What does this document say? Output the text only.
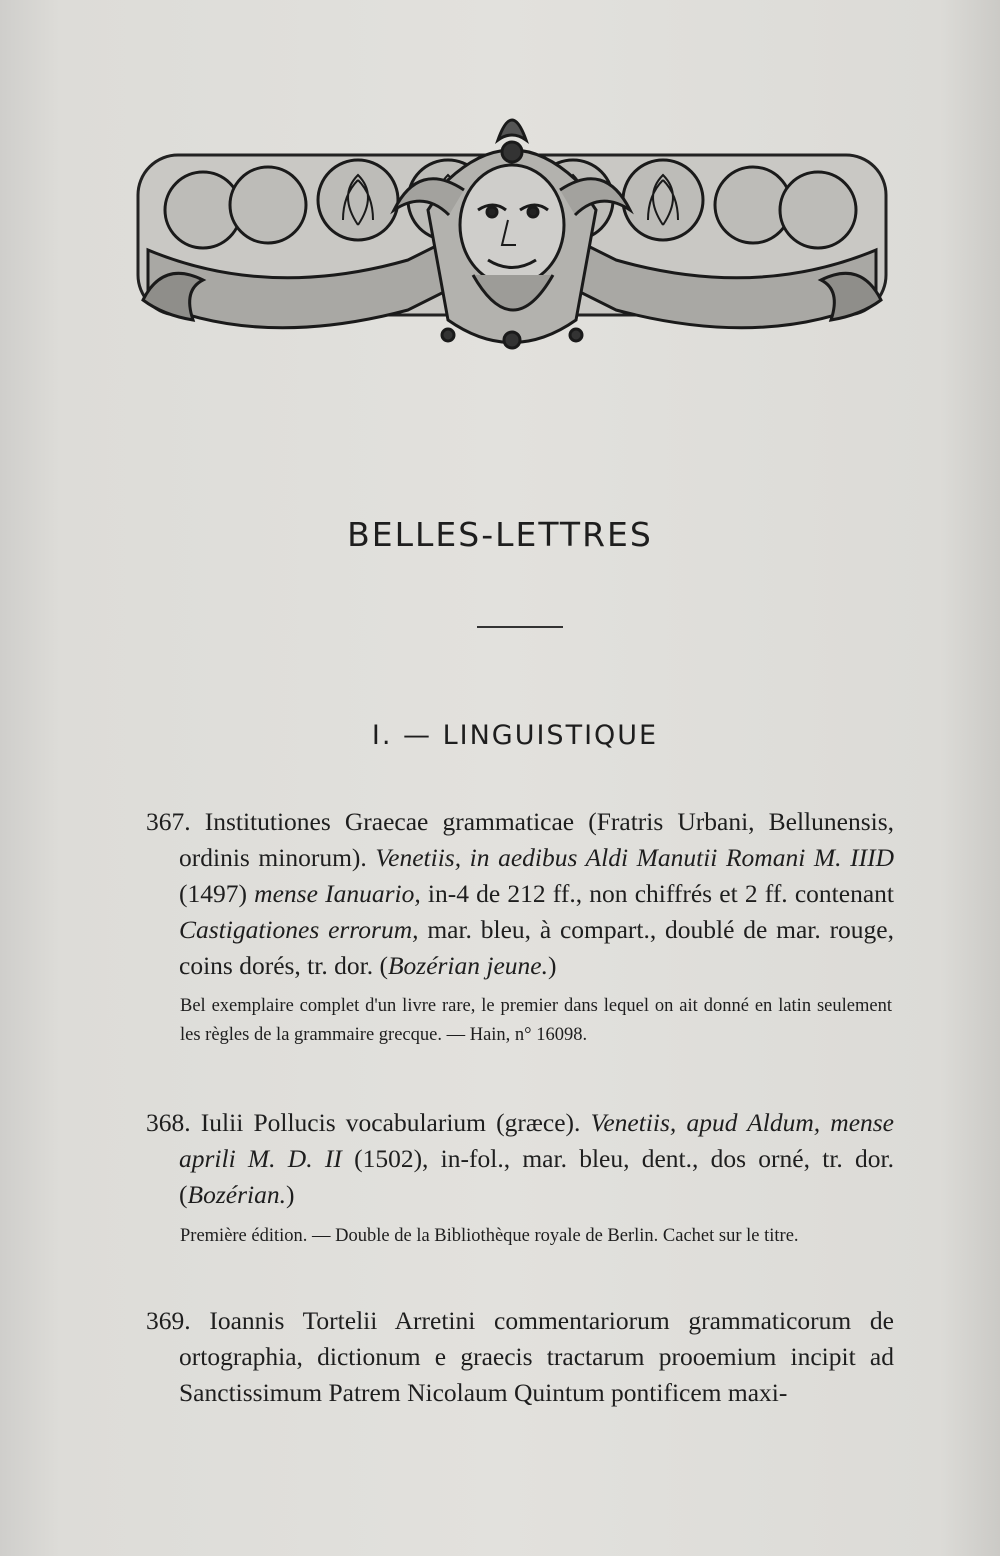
BELLES-LETTRES
I. — LINGUISTIQUE

367. Institutiones Graecae grammaticae (Fratris Urbani, Bellunensis, ordinis minorum). Venetiis, in aedibus Aldi Manutii Romani M. IIID (1497) mense Ianuario, in-4 de 212 ff., non chiffrés et 2 ff. contenant Castigationes errorum, mar. bleu, à compart., doublé de mar. rouge, coins dorés, tr. dor. (Bozérian jeune.)

Bel exemplaire complet d'un livre rare, le premier dans lequel on ait donné en latin seulement les règles de la grammaire grecque. — Hain, n° 16098.

368. Iulii Pollucis vocabularium (græce). Venetiis, apud Aldum, mense aprili M. D. II (1502), in-fol., mar. bleu, dent., dos orné, tr. dor. (Bozérian.)

Première édition. — Double de la Bibliothèque royale de Berlin. Cachet sur le titre.

369. Ioannis Tortelii Arretini commentariorum grammaticorum de ortographia, dictionum e graecis tractarum prooemium incipit ad Sanctissimum Patrem Nicolaum Quintum pontificem maxi-
